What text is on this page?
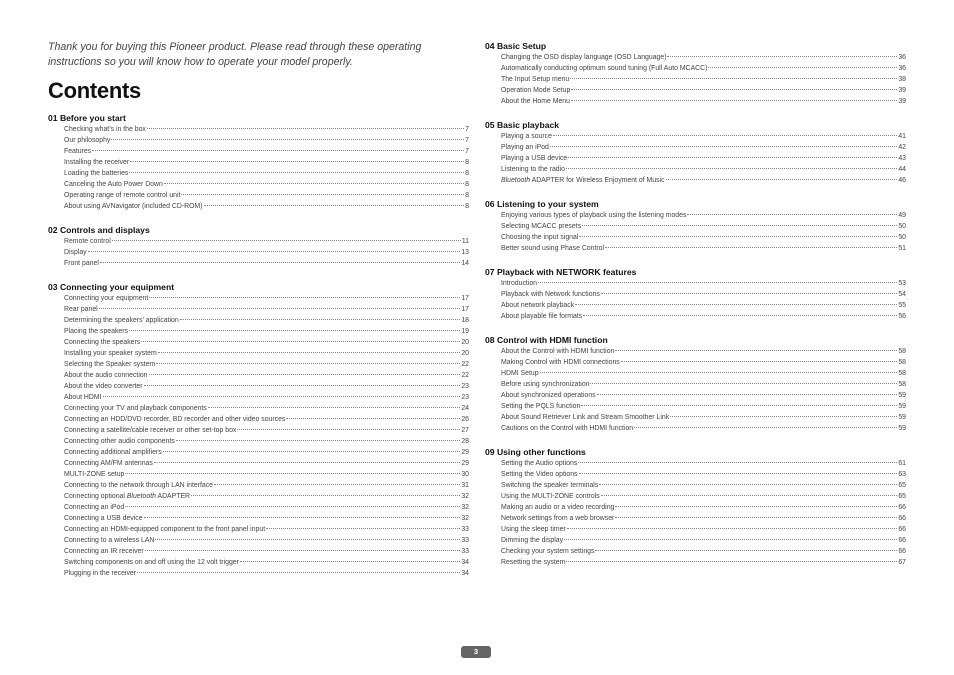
Thank you for buying this Pioneer product. Please read through these operating instructions so you will know how to operate your model properly.
Contents
01 Before you start
Checking what’s in the box	7
Our philosophy	7
Features	7
Installing the receiver	8
Loading the batteries	8
Canceling the Auto Power Down	8
Operating range of remote control unit	8
About using AVNavigator (included CD-ROM)	8
02 Controls and displays
Remote control	11
Display	13
Front panel	14
03 Connecting your equipment
Connecting your equipment	17
Rear panel	17
Determining the speakers’ application	18
Placing the speakers	19
Connecting the speakers	20
Installing your speaker system	20
Selecting the Speaker system	22
About the audio connection	22
About the video converter	23
About HDMI	23
Connecting your TV and playback components	24
Connecting an HDD/DVD recorder, BD recorder and other video sources	26
Connecting a satellite/cable receiver or other set-top box	27
Connecting other audio components	28
Connecting additional amplifiers	29
Connecting AM/FM antennas	29
MULTI-ZONE setup	30
Connecting to the network through LAN interface	31
Connecting optional Bluetooth ADAPTER	32
Connecting an iPod	32
Connecting a USB device	32
Connecting an HDMI-equipped component to the front panel input	33
Connecting to a wireless LAN	33
Connecting an IR receiver	33
Switching components on and off using the 12 volt trigger	34
Plugging in the receiver	34
04 Basic Setup
Changing the OSD display language (OSD Language)	36
Automatically conducting optimum sound tuning (Full Auto MCACC)	36
The Input Setup menu	38
Operation Mode Setup	39
About the Home Menu	39
05 Basic playback
Playing a source	41
Playing an iPod	42
Playing a USB device	43
Listening to the radio	44
Bluetooth ADAPTER for Wireless Enjoyment of Music	46
06 Listening to your system
Enjoying various types of playback using the listening modes	49
Selecting MCACC presets	50
Choosing the input signal	50
Better sound using Phase Control	51
07 Playback with NETWORK features
Introduction	53
Playback with Network functions	54
About network playback	55
About playable file formats	56
08 Control with HDMI function
About the Control with HDMI function	58
Making Control with HDMI connections	58
HDMI Setup	58
Before using synchronization	58
About synchronized operations	59
Setting the PQLS function	59
About Sound Retriever Link and Stream Smoother Link	59
Cautions on the Control with HDMI function	59
09 Using other functions
Setting the Audio options	61
Setting the Video options	63
Switching the speaker terminals	65
Using the MULTI-ZONE controls	65
Making an audio or a video recording	66
Network settings from a web browser	66
Using the sleep timer	66
Dimming the display	66
Checking your system settings	66
Resetting the system	67
3
